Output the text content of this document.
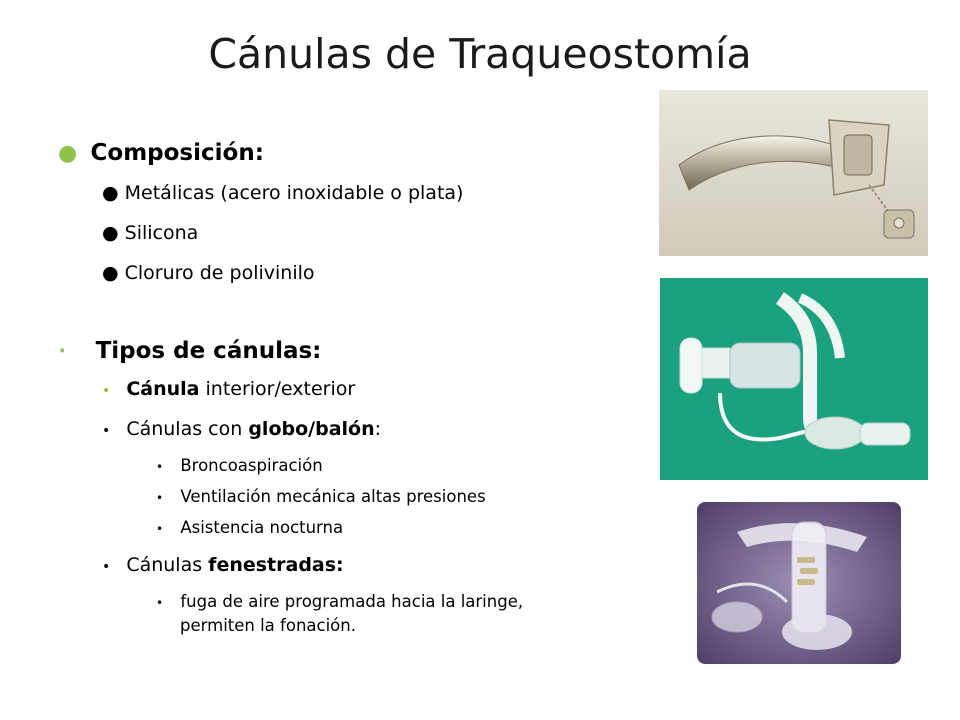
Cánulas de Traqueostomía
● Composición:
● Metálicas (acero inoxidable o plata)
● Silicona
● Cloruro de polivinilo
• Tipos de cánulas:
• Cánula interior/exterior
• Cánulas con globo/balón:
• Broncoaspiración
• Ventilación mecánica altas presiones
• Asistencia nocturna
• Cánulas fenestradas:
• fuga de aire programada hacia la laringe,
permiten la fonación.
